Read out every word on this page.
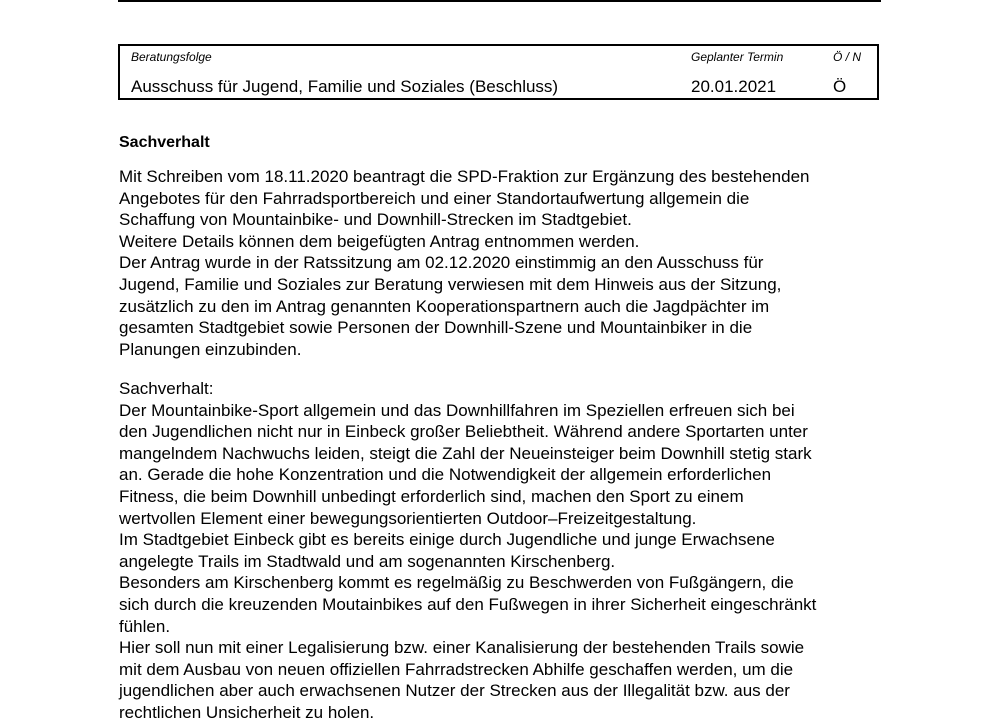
Beratungsfolge	Geplanter Termin	Ö / N
Ausschuss für Jugend, Familie und Soziales (Beschluss)	20.01.2021	Ö
Sachverhalt
Mit Schreiben vom 18.11.2020 beantragt die SPD-Fraktion zur Ergänzung des bestehenden
Angebotes für den Fahrradsportbereich und einer Standortaufwertung allgemein die
Schaffung von Mountainbike- und Downhill-Strecken im Stadtgebiet.
Weitere Details können dem beigefügten Antrag entnommen werden.
Der Antrag wurde in der Ratssitzung am 02.12.2020 einstimmig an den Ausschuss für
Jugend, Familie und Soziales zur Beratung verwiesen mit dem Hinweis aus der Sitzung,
zusätzlich zu den im Antrag genannten Kooperationspartnern auch die Jagdpächter im
gesamten Stadtgebiet sowie Personen der Downhill-Szene und Mountainbiker in die
Planungen einzubinden.
Sachverhalt:
Der Mountainbike-Sport allgemein und das Downhillfahren im Speziellen erfreuen sich bei
den Jugendlichen nicht nur in Einbeck großer Beliebtheit. Während andere Sportarten unter
mangelndem Nachwuchs leiden, steigt die Zahl der Neueinsteiger beim Downhill stetig stark
an. Gerade die hohe Konzentration und die Notwendigkeit der allgemein erforderlichen
Fitness, die beim Downhill unbedingt erforderlich sind, machen den Sport zu einem
wertvollen Element einer bewegungsorientierten Outdoor–Freizeitgestaltung.
Im Stadtgebiet Einbeck gibt es bereits einige durch Jugendliche und junge Erwachsene
angelegte Trails im Stadtwald und am sogenannten Kirschenberg.
Besonders am Kirschenberg kommt es regelmäßig zu Beschwerden von Fußgängern, die
sich durch die kreuzenden Moutainbikes auf den Fußwegen in ihrer Sicherheit eingeschränkt
fühlen.
Hier soll nun mit einer Legalisierung bzw. einer Kanalisierung der bestehenden Trails sowie
mit dem Ausbau von neuen offiziellen Fahrradstrecken Abhilfe geschaffen werden, um die
jugendlichen aber auch erwachsenen Nutzer der Strecken aus der Illegalität bzw. aus der
rechtlichen Unsicherheit zu holen.
